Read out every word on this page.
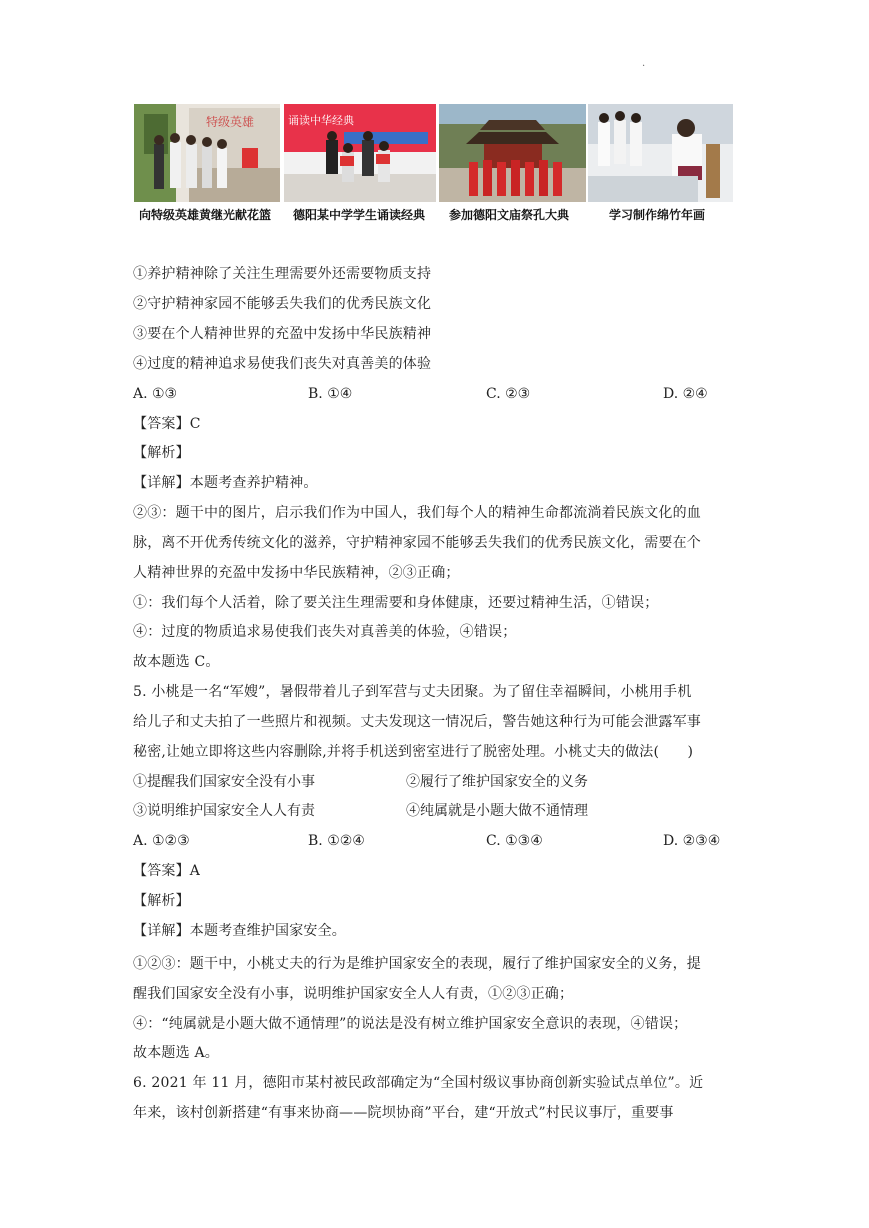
.
特级英雄
向特级英雄黄继光献花篮
诵读中华经典
德阳某中学学生诵读经典 参加德阳文庙祭孔大典	学习制作绵竹年画
①养护精神除了关注生理需要外还需要物质支持
②守护精神家园不能够丢失我们的优秀民族文化
③要在个人精神世界的充盈中发扬中华民族精神
④过度的精神追求易使我们丧失对真善美的体验
A. ①③	B. ①④	C. ②③	D. ②④
【答案】C
【解析】
【详解】本题考查养护精神。
②③：题干中的图片，启示我们作为中国人，我们每个人的精神生命都流淌着民族文化的血
脉，离不开优秀传统文化的滋养，守护精神家园不能够丢失我们的优秀民族文化，需要在个
人精神世界的充盈中发扬中华民族精神，②③正确；
①：我们每个人活着，除了要关注生理需要和身体健康，还要过精神生活，①错误；
④：过度的物质追求易使我们丧失对真善美的体验，④错误；
故本题选 C。
5. 小桃是一名“军嫂”，暑假带着儿子到军营与丈夫团聚。为了留住幸福瞬间，小桃用手机
给儿子和丈夫拍了一些照片和视频。丈夫发现这一情况后，警告她这种行为可能会泄露军事
秘密,让她立即将这些内容删除,并将手机送到密室进行了脱密处理。小桃丈夫的做法(　　)
①提醒我们国家安全没有小事	②履行了维护国家安全的义务
③说明维护国家安全人人有责	④纯属就是小题大做不通情理
A. ①②③	B. ①②④	C. ①③④	D. ②③④
【答案】A
【解析】
【详解】本题考查维护国家安全。
①②③：题干中，小桃丈夫的行为是维护国家安全的表现，履行了维护国家安全的义务，提
醒我们国家安全没有小事，说明维护国家安全人人有责，①②③正确；
④：“纯属就是小题大做不通情理”的说法是没有树立维护国家安全意识的表现，④错误；
故本题选 A。
6. 2021 年 11 月，德阳市某村被民政部确定为“全国村级议事协商创新实验试点单位”。近
年来，该村创新搭建“有事来协商——院坝协商”平台，建“开放式”村民议事厅，重要事
